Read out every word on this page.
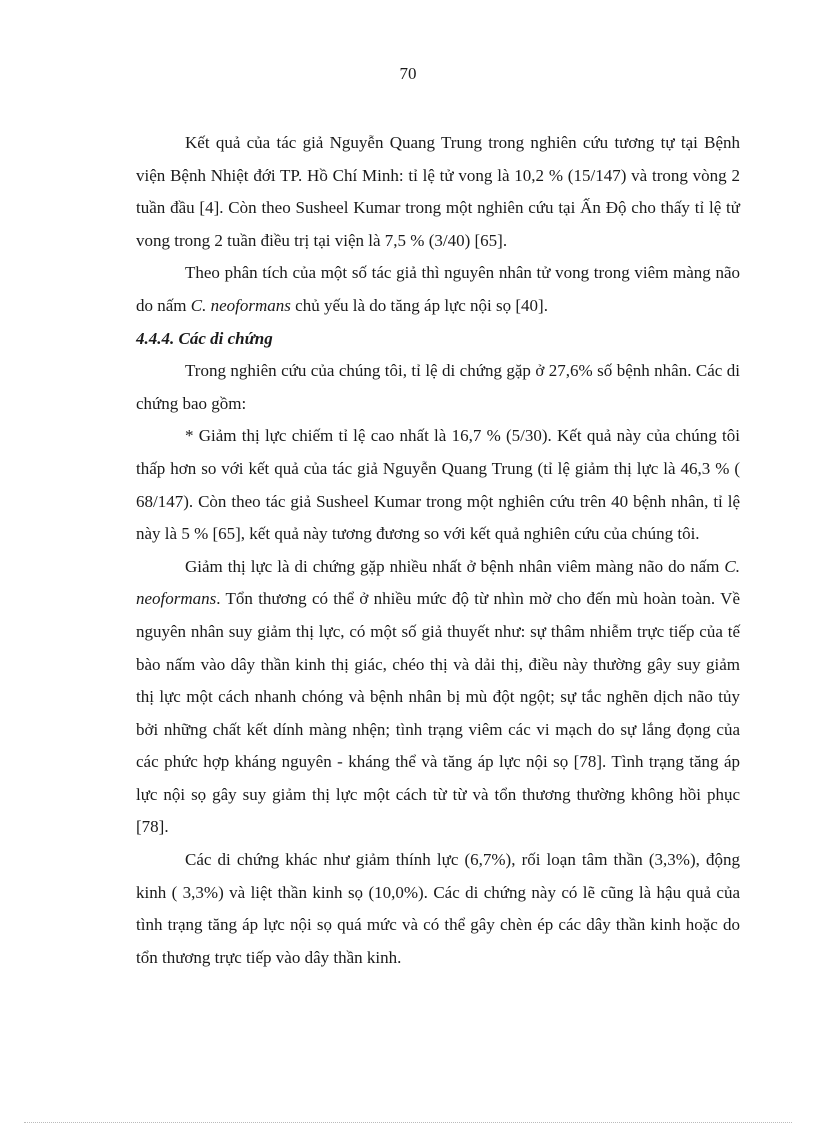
70

Kết quả của tác giả Nguyễn Quang Trung trong nghiên cứu tương tự tại Bệnh viện Bệnh Nhiệt đới TP. Hồ Chí Minh: tỉ lệ tử vong là 10,2 % (15/147) và trong vòng 2 tuần đầu [4]. Còn theo Susheel Kumar trong một nghiên cứu tại Ấn Độ cho thấy tỉ lệ tử vong trong 2 tuần điều trị tại viện là 7,5 % (3/40) [65].

Theo phân tích của một số tác giả thì nguyên nhân tử vong trong viêm màng não do nấm C. neoformans chủ yếu là do tăng áp lực nội sọ [40].

4.4.4. Các di chứng

Trong nghiên cứu của chúng tôi, tỉ lệ di chứng gặp ở 27,6% số bệnh nhân. Các di chứng bao gồm:

* Giảm thị lực chiếm tỉ lệ cao nhất là 16,7 % (5/30). Kết quả này của chúng tôi thấp hơn so với kết quả của tác giả Nguyễn Quang Trung (tỉ lệ giảm thị lực là 46,3 % ( 68/147). Còn theo tác giả Susheel Kumar trong một nghiên cứu trên 40 bệnh nhân, tỉ lệ này là 5 % [65], kết quả này tương đương so với kết quả nghiên cứu của chúng tôi.

Giảm thị lực là di chứng gặp nhiều nhất ở bệnh nhân viêm màng não do nấm C. neoformans. Tổn thương có thể ở nhiều mức độ từ nhìn mờ cho đến mù hoàn toàn. Về nguyên nhân suy giảm thị lực, có một số giả thuyết như: sự thâm nhiễm trực tiếp của tế bào nấm vào dây thần kinh thị giác, chéo thị và dải thị, điều này thường gây suy giảm thị lực một cách nhanh chóng và bệnh nhân bị mù đột ngột; sự tắc nghẽn dịch não tủy bởi những chất kết dính màng nhện; tình trạng viêm các vi mạch do sự lắng đọng của các phức hợp kháng nguyên - kháng thể và tăng áp lực nội sọ [78]. Tình trạng tăng áp lực nội sọ gây suy giảm thị lực một cách từ từ và tổn thương thường không hồi phục [78].

Các di chứng khác như giảm thính lực (6,7%), rối loạn tâm thần (3,3%), động kinh ( 3,3%) và liệt thần kinh sọ (10,0%). Các di chứng này có lẽ cũng là hậu quả của tình trạng tăng áp lực nội sọ quá mức và có thể gây chèn ép các dây thần kinh hoặc do tổn thương trực tiếp vào dây thần kinh.
